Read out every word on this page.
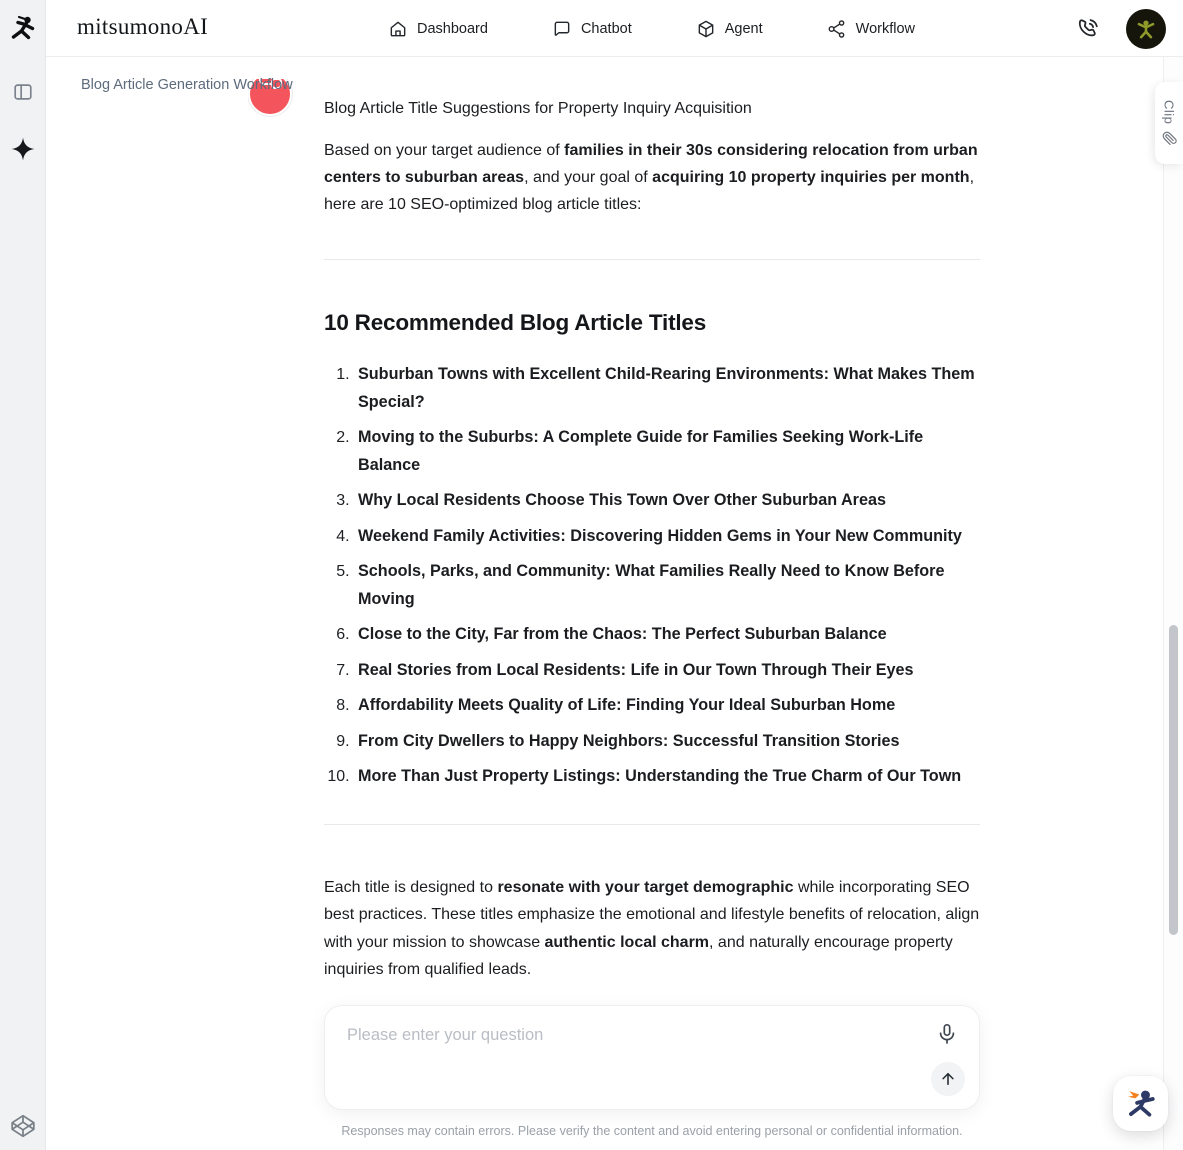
mitsumonoAI	Dashboard	Chatbot	Agent	Workflow
Blog Article Generation Workflow

Blog Article Title Suggestions for Property Inquiry Acquisition

Based on your target audience of families in their 30s considering relocation from urban centers to suburban areas, and your goal of acquiring 10 property inquiries per month, here are 10 SEO-optimized blog article titles:

10 Recommended Blog Article Titles
1. Suburban Towns with Excellent Child-Rearing Environments: What Makes Them Special?
2. Moving to the Suburbs: A Complete Guide for Families Seeking Work-Life Balance
3. Why Local Residents Choose This Town Over Other Suburban Areas
4. Weekend Family Activities: Discovering Hidden Gems in Your New Community
5. Schools, Parks, and Community: What Families Really Need to Know Before Moving
6. Close to the City, Far from the Chaos: The Perfect Suburban Balance
7. Real Stories from Local Residents: Life in Our Town Through Their Eyes
8. Affordability Meets Quality of Life: Finding Your Ideal Suburban Home
9. From City Dwellers to Happy Neighbors: Successful Transition Stories
10. More Than Just Property Listings: Understanding the True Charm of Our Town

Each title is designed to resonate with your target demographic while incorporating SEO best practices. These titles emphasize the emotional and lifestyle benefits of relocation, align with your mission to showcase authentic local charm, and naturally encourage property inquiries from qualified leads.

Please enter your question
Responses may contain errors. Please verify the content and avoid entering personal or confidential information.
Clip
